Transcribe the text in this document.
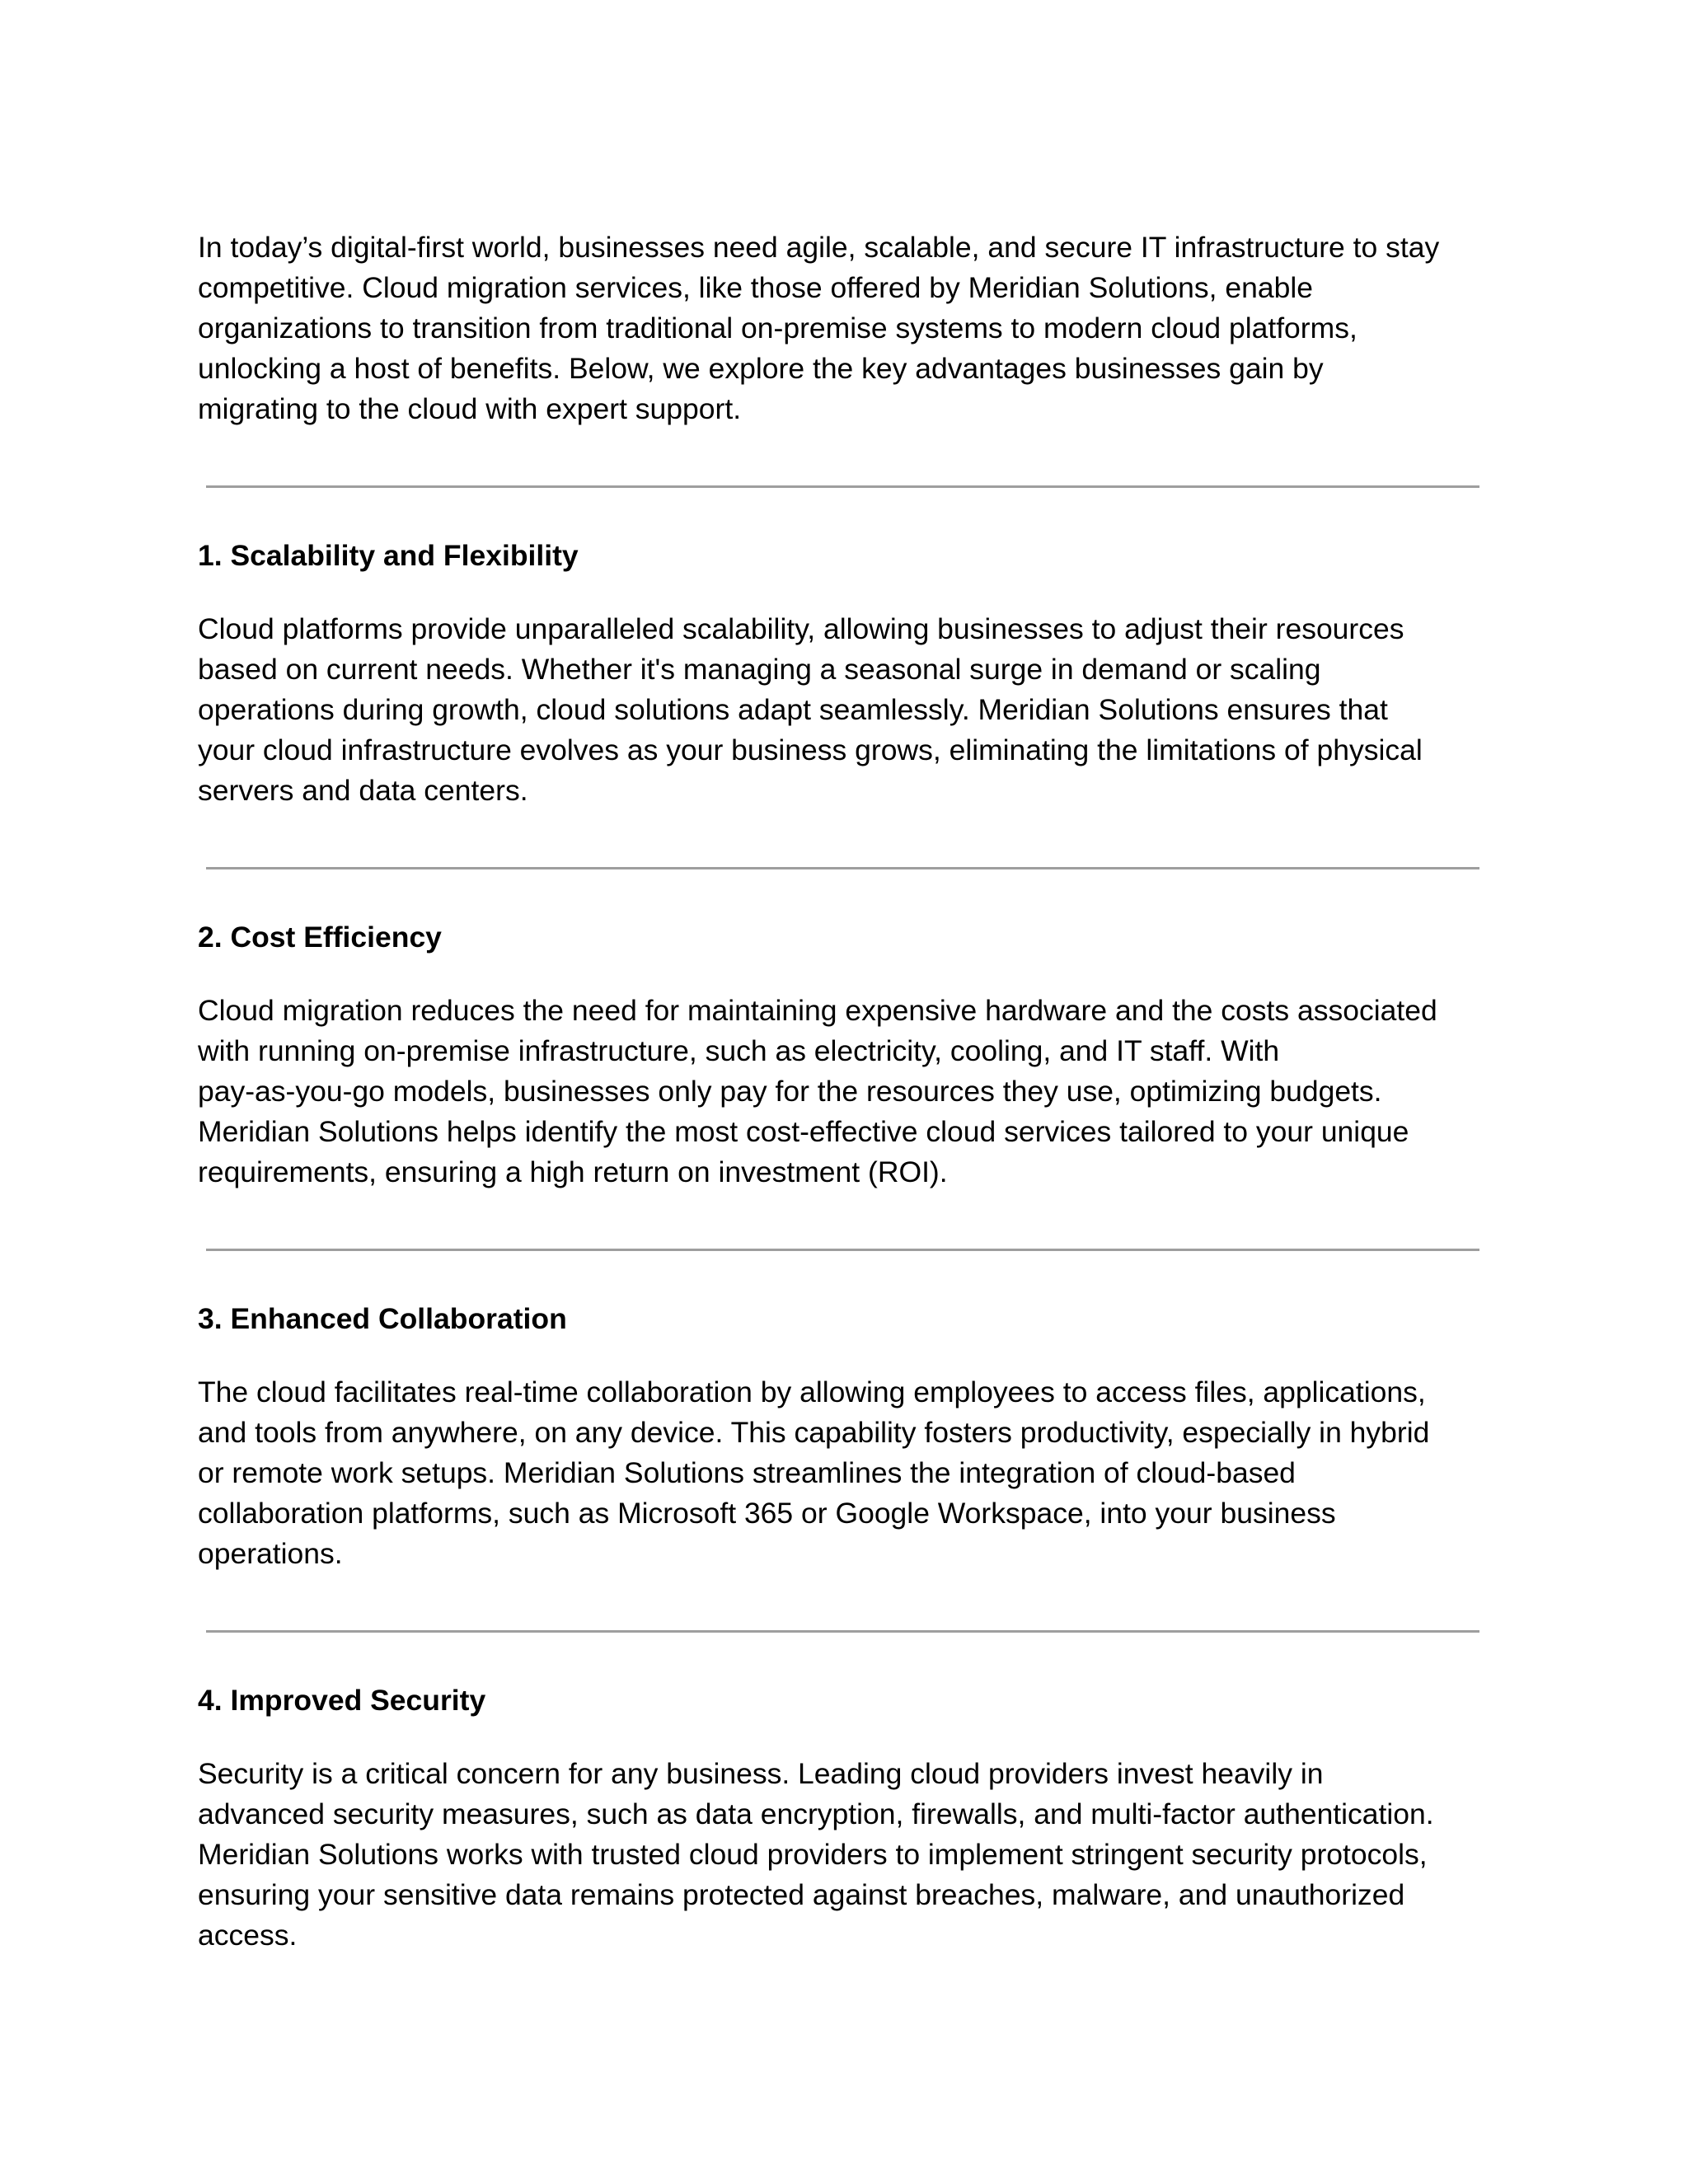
In today’s digital-first world, businesses need agile, scalable, and secure IT infrastructure to stay
competitive. Cloud migration services, like those offered by Meridian Solutions, enable
organizations to transition from traditional on-premise systems to modern cloud platforms,
unlocking a host of benefits. Below, we explore the key advantages businesses gain by
migrating to the cloud with expert support.

1. Scalability and Flexibility

Cloud platforms provide unparalleled scalability, allowing businesses to adjust their resources
based on current needs. Whether it's managing a seasonal surge in demand or scaling
operations during growth, cloud solutions adapt seamlessly. Meridian Solutions ensures that
your cloud infrastructure evolves as your business grows, eliminating the limitations of physical
servers and data centers.

2. Cost Efficiency

Cloud migration reduces the need for maintaining expensive hardware and the costs associated
with running on-premise infrastructure, such as electricity, cooling, and IT staff. With
pay-as-you-go models, businesses only pay for the resources they use, optimizing budgets.
Meridian Solutions helps identify the most cost-effective cloud services tailored to your unique
requirements, ensuring a high return on investment (ROI).

3. Enhanced Collaboration

The cloud facilitates real-time collaboration by allowing employees to access files, applications,
and tools from anywhere, on any device. This capability fosters productivity, especially in hybrid
or remote work setups. Meridian Solutions streamlines the integration of cloud-based
collaboration platforms, such as Microsoft 365 or Google Workspace, into your business
operations.

4. Improved Security

Security is a critical concern for any business. Leading cloud providers invest heavily in
advanced security measures, such as data encryption, firewalls, and multi-factor authentication.
Meridian Solutions works with trusted cloud providers to implement stringent security protocols,
ensuring your sensitive data remains protected against breaches, malware, and unauthorized
access.
